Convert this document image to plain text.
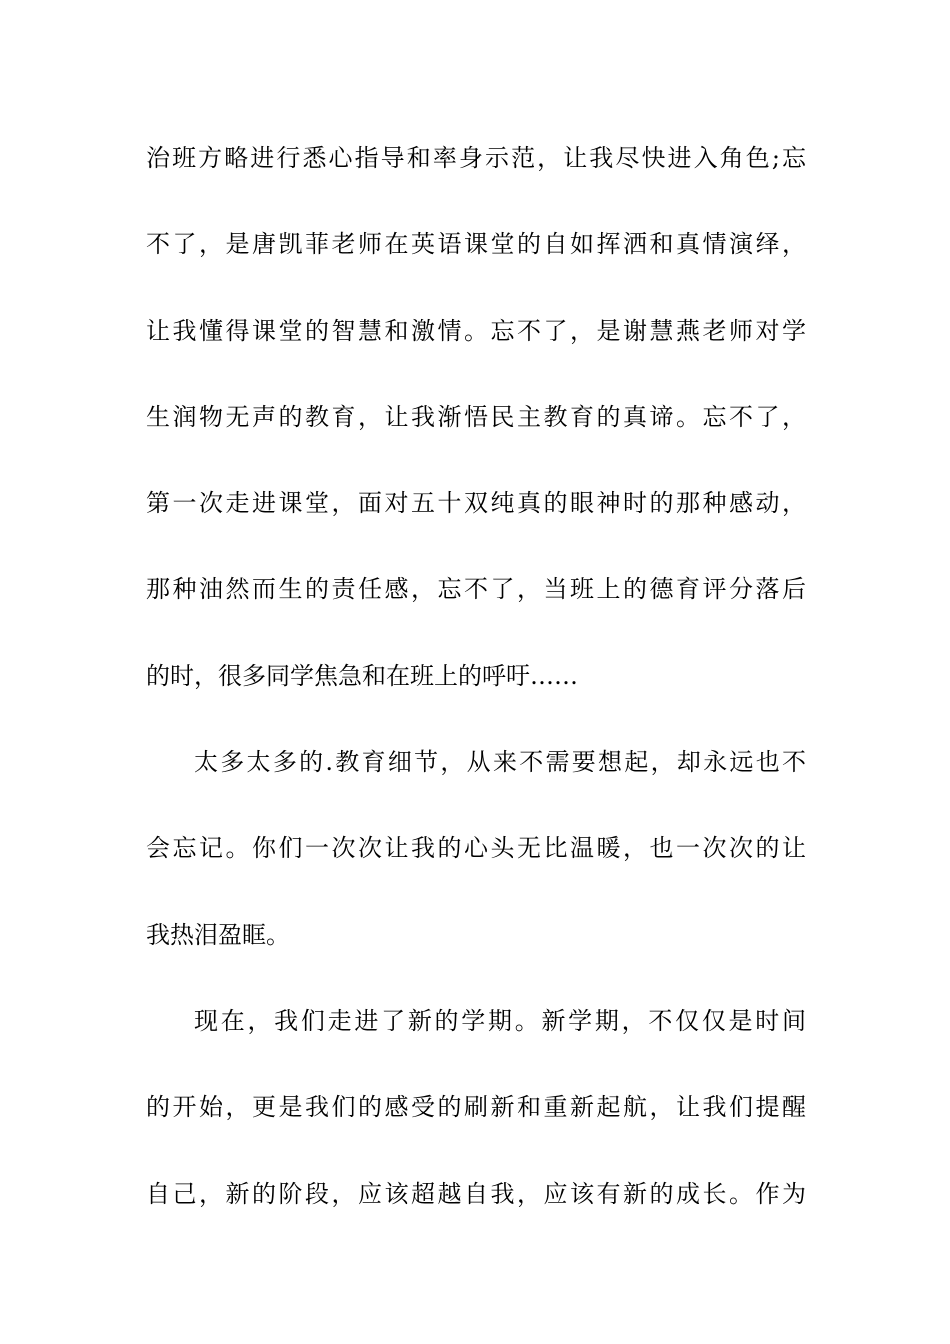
治班方略进行悉心指导和率身示范，让我尽快进入角色;忘
不了，是唐凯菲老师在英语课堂的自如挥洒和真情演绎，
让我懂得课堂的智慧和激情。忘不了，是谢慧燕老师对学
生润物无声的教育，让我渐悟民主教育的真谛。忘不了，
第一次走进课堂，面对五十双纯真的眼神时的那种感动，
那种油然而生的责任感，忘不了，当班上的德育评分落后
的时，很多同学焦急和在班上的呼吁……
太多太多的.教育细节，从来不需要想起，却永远也不
会忘记。你们一次次让我的心头无比温暖，也一次次的让
我热泪盈眶。
现在，我们走进了新的学期。新学期，不仅仅是时间
的开始，更是我们的感受的刷新和重新起航，让我们提醒
自己，新的阶段，应该超越自我，应该有新的成长。作为
